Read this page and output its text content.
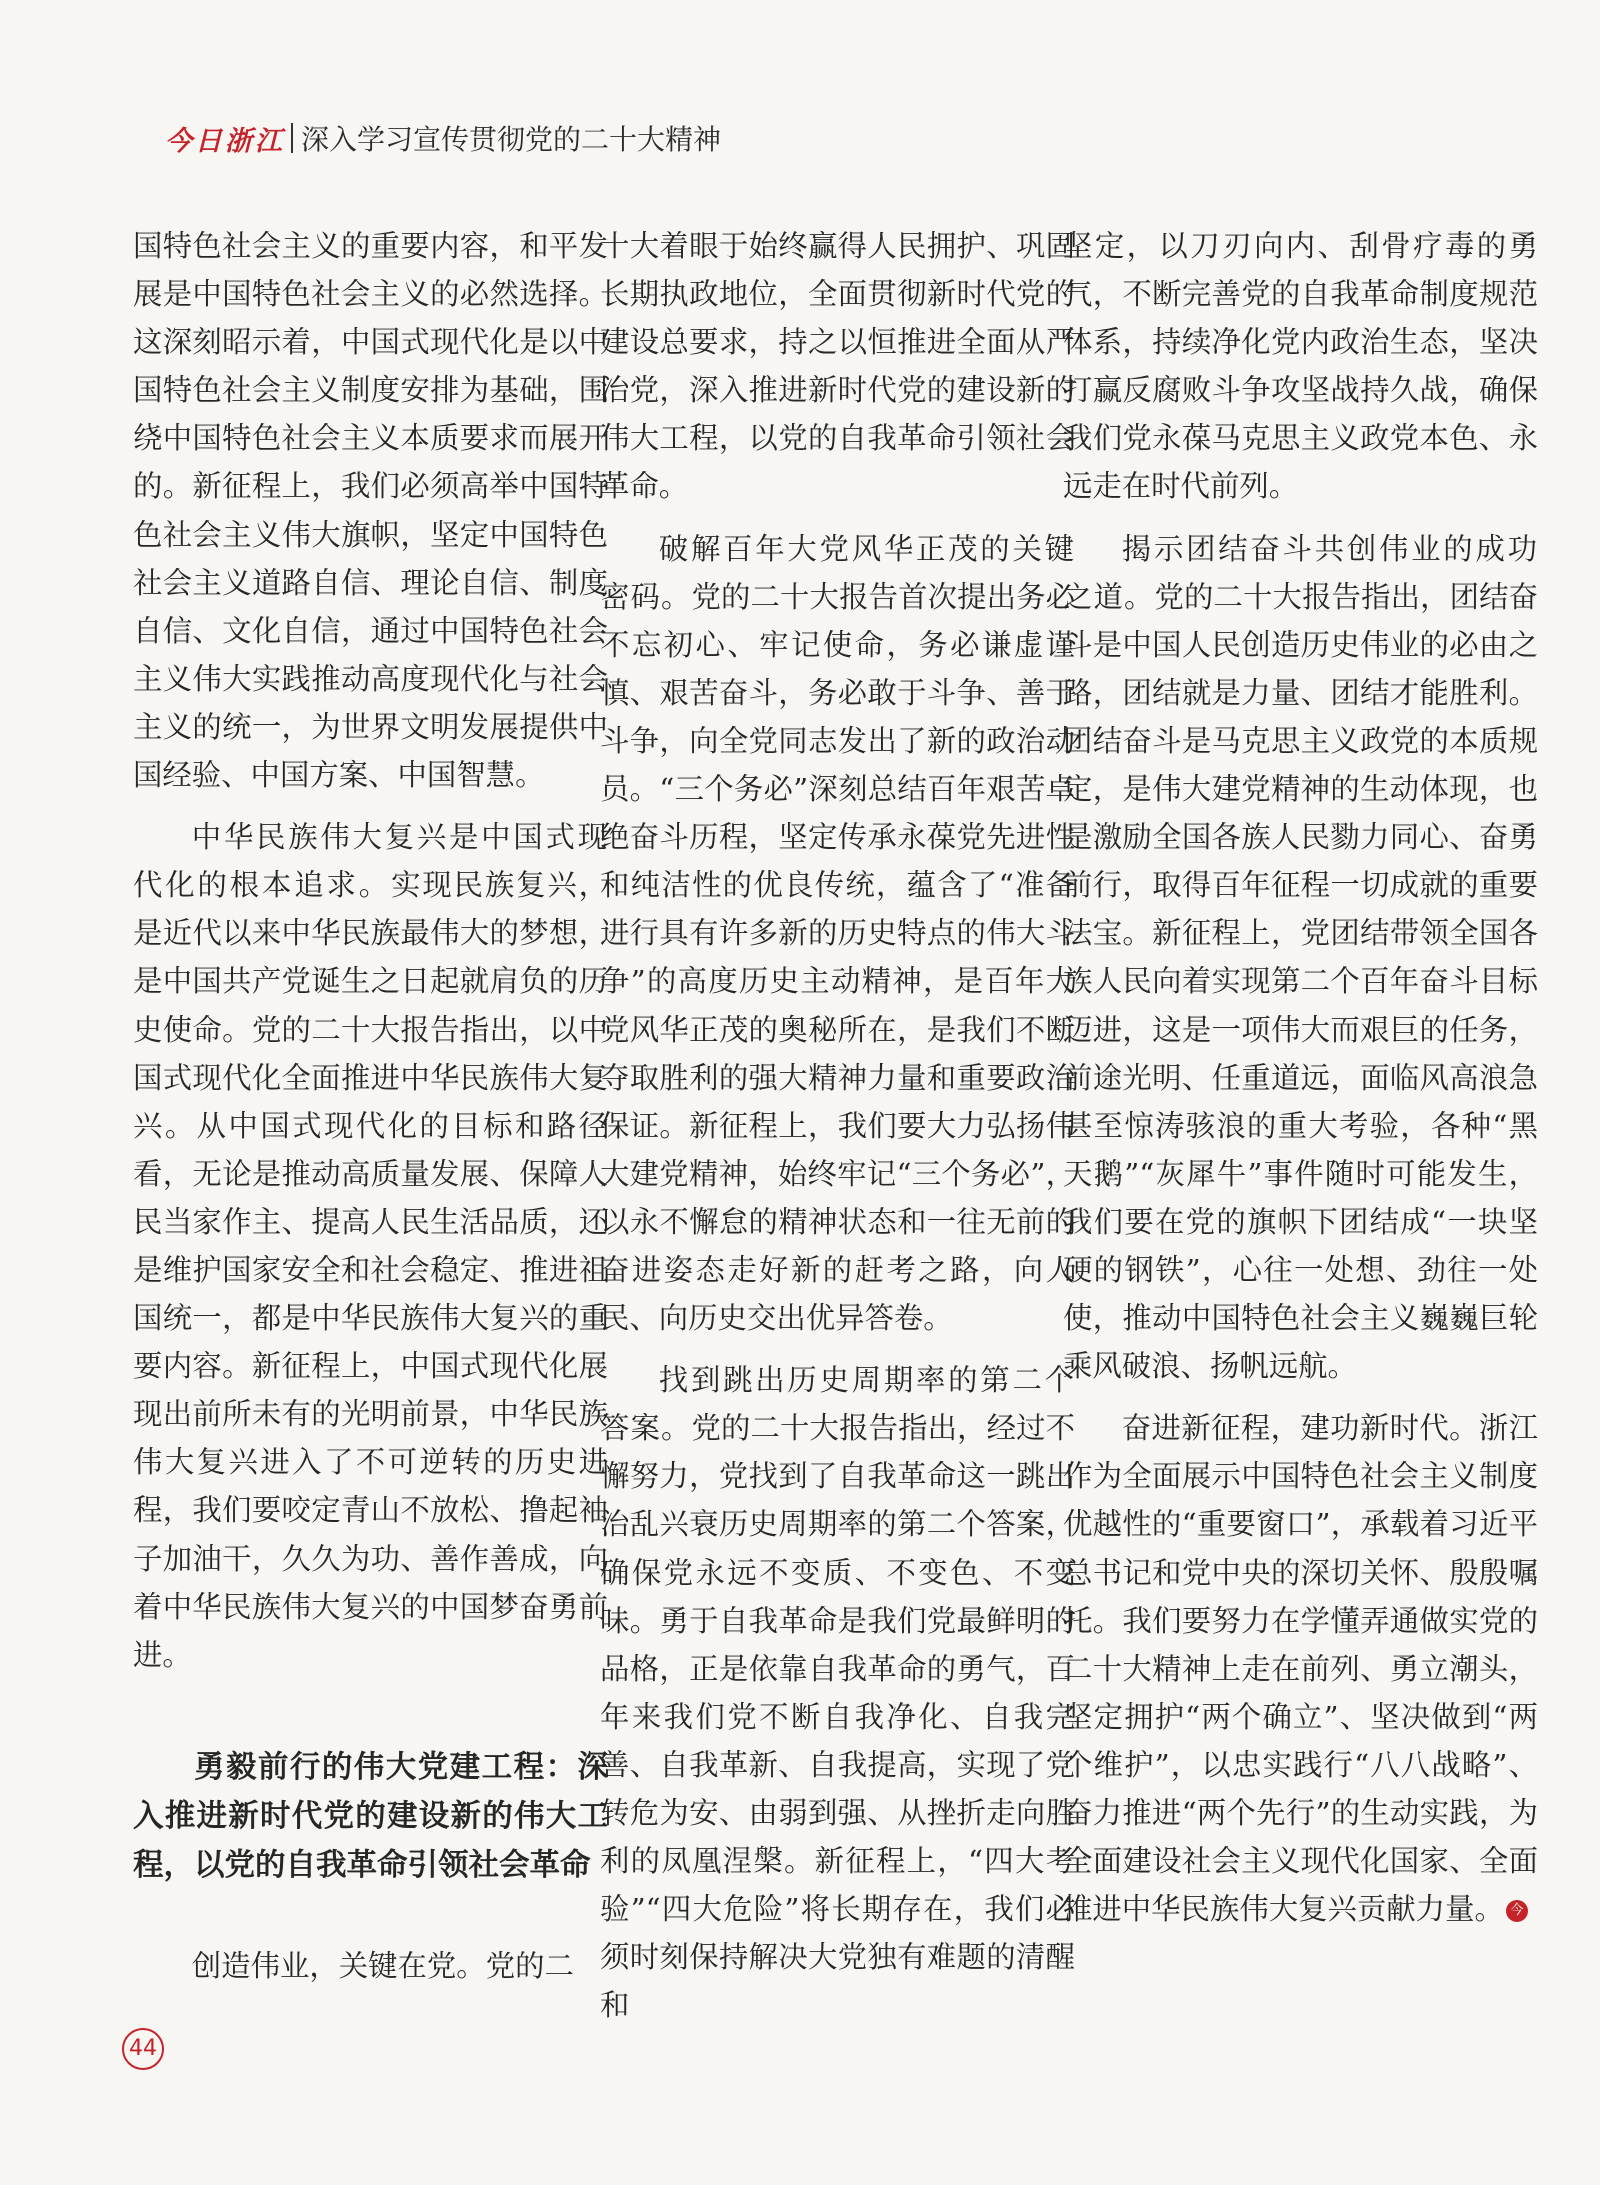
今日浙江 深入学习宣传贯彻党的二十大精神

国特色社会主义的重要内容，和平发展是中国特色社会主义的必然选择。这深刻昭示着，中国式现代化是以中国特色社会主义制度安排为基础，围绕中国特色社会主义本质要求而展开的。新征程上，我们必须高举中国特色社会主义伟大旗帜，坚定中国特色社会主义道路自信、理论自信、制度自信、文化自信，通过中国特色社会主义伟大实践推动高度现代化与社会主义的统一，为世界文明发展提供中国经验、中国方案、中国智慧。

中华民族伟大复兴是中国式现代化的根本追求。实现民族复兴，是近代以来中华民族最伟大的梦想，是中国共产党诞生之日起就肩负的历史使命。党的二十大报告指出，以中国式现代化全面推进中华民族伟大复兴。从中国式现代化的目标和路径看，无论是推动高质量发展、保障人民当家作主、提高人民生活品质，还是维护国家安全和社会稳定、推进祖国统一，都是中华民族伟大复兴的重要内容。新征程上，中国式现代化展现出前所未有的光明前景，中华民族伟大复兴进入了不可逆转的历史进程，我们要咬定青山不放松、撸起袖子加油干，久久为功、善作善成，向着中华民族伟大复兴的中国梦奋勇前进。

勇毅前行的伟大党建工程：深入推进新时代党的建设新的伟大工程，以党的自我革命引领社会革命

创造伟业，关键在党。党的二

十大着眼于始终赢得人民拥护、巩固长期执政地位，全面贯彻新时代党的建设总要求，持之以恒推进全面从严治党，深入推进新时代党的建设新的伟大工程，以党的自我革命引领社会革命。

破解百年大党风华正茂的关键密码。党的二十大报告首次提出务必不忘初心、牢记使命，务必谦虚谨慎、艰苦奋斗，务必敢于斗争、善于斗争，向全党同志发出了新的政治动员。“三个务必”深刻总结百年艰苦卓绝奋斗历程，坚定传承永葆党先进性和纯洁性的优良传统，蕴含了“准备进行具有许多新的历史特点的伟大斗争”的高度历史主动精神，是百年大党风华正茂的奥秘所在，是我们不断夺取胜利的强大精神力量和重要政治保证。新征程上，我们要大力弘扬伟大建党精神，始终牢记“三个务必”，以永不懈怠的精神状态和一往无前的奋进姿态走好新的赶考之路，向人民、向历史交出优异答卷。

找到跳出历史周期率的第二个答案。党的二十大报告指出，经过不懈努力，党找到了自我革命这一跳出治乱兴衰历史周期率的第二个答案，确保党永远不变质、不变色、不变味。勇于自我革命是我们党最鲜明的品格，正是依靠自我革命的勇气，百年来我们党不断自我净化、自我完善、自我革新、自我提高，实现了党转危为安、由弱到强、从挫折走向胜利的凤凰涅槃。新征程上，“四大考验”“四大危险”将长期存在，我们必须时刻保持解决大党独有难题的清醒和

坚定，以刀刃向内、刮骨疗毒的勇气，不断完善党的自我革命制度规范体系，持续净化党内政治生态，坚决打赢反腐败斗争攻坚战持久战，确保我们党永葆马克思主义政党本色、永远走在时代前列。

揭示团结奋斗共创伟业的成功之道。党的二十大报告指出，团结奋斗是中国人民创造历史伟业的必由之路，团结就是力量、团结才能胜利。团结奋斗是马克思主义政党的本质规定，是伟大建党精神的生动体现，也是激励全国各族人民勠力同心、奋勇前行，取得百年征程一切成就的重要法宝。新征程上，党团结带领全国各族人民向着实现第二个百年奋斗目标迈进，这是一项伟大而艰巨的任务，前途光明、任重道远，面临风高浪急甚至惊涛骇浪的重大考验，各种“黑天鹅”“灰犀牛”事件随时可能发生，我们要在党的旗帜下团结成“一块坚硬的钢铁”，心往一处想、劲往一处使，推动中国特色社会主义巍巍巨轮乘风破浪、扬帆远航。

奋进新征程，建功新时代。浙江作为全面展示中国特色社会主义制度优越性的“重要窗口”，承载着习近平总书记和党中央的深切关怀、殷殷嘱托。我们要努力在学懂弄通做实党的二十大精神上走在前列、勇立潮头，坚定拥护“两个确立”、坚决做到“两个维护”，以忠实践行“八八战略”、奋力推进“两个先行”的生动实践，为全面建设社会主义现代化国家、全面推进中华民族伟大复兴贡献力量。 今

44
